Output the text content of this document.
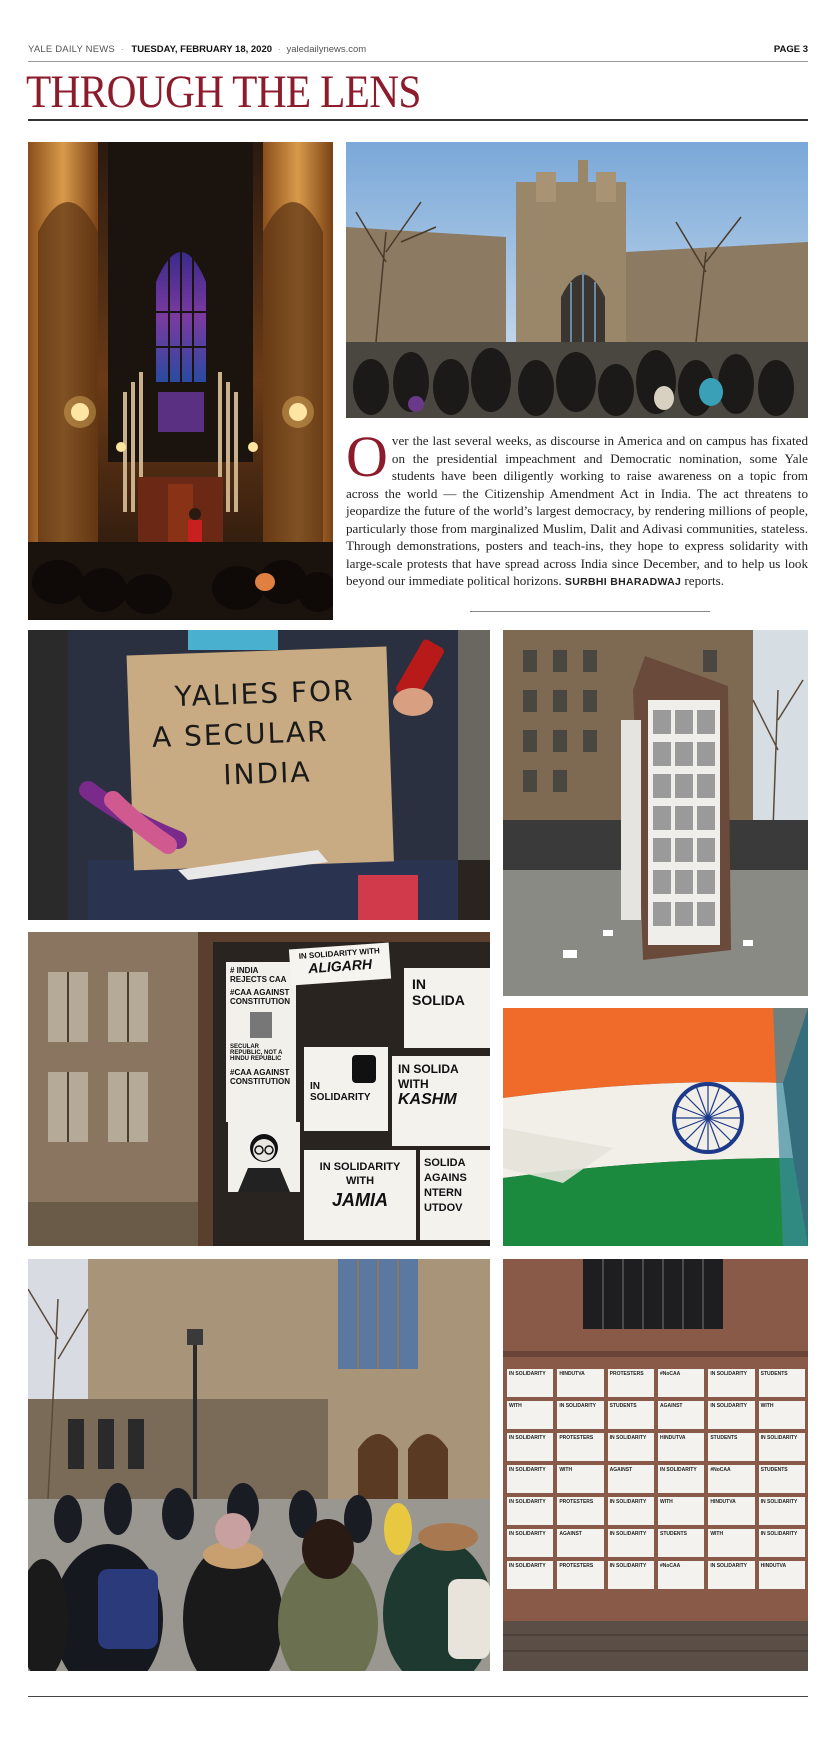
YALE DAILY NEWS · TUESDAY, FEBRUARY 18, 2020 · yaledailynews.com	PAGE 3
THROUGH THE LENS
Over the last several weeks, as discourse in America and on campus has fixated on the presidential impeachment and Democratic nomination, some Yale students have been diligently working to raise awareness on a topic from across the world — the Citizenship Amendment Act in India. The act threatens to jeopardize the future of the world’s largest democracy, by rendering millions of people, particularly those from marginalized Muslim, Dalit and Adivasi communities, stateless. Through demonstrations, posters and teach-ins, they hope to express solidarity with large-scale protests that have spread across India since December, and to help us look beyond our immediate political horizons. SURBHI BHARADWAJ reports.
YALIES FOR
A SECULAR
INDIA
# INDIA REJECTS CAA
#CAA AGAINST CONSTITUTION
SECULAR REPUBLIC, NOT A HINDU REPUBLIC
#CAA AGAINST CONSTITUTION
IN SOLIDARITY WITH
ALIGARH
IN
SOLIDA
IN
SOLIDARITY
IN SOLIDA
WITH
KASHM
IN SOLIDARITY
WITH
JAMIA
SOLIDA
AGAINS
NTERN
UTDOV
IN SOLIDARITY	HINDUTVA	PROTESTERS	#NoCAA	IN SOLIDARITY	STUDENTS
WITH	IN SOLIDARITY	STUDENTS	AGAINST	IN SOLIDARITY	WITH
IN SOLIDARITY	PROTESTERS	IN SOLIDARITY	HINDUTVA	STUDENTS	IN SOLIDARITY
IN SOLIDARITY	WITH	AGAINST	IN SOLIDARITY	#NoCAA	STUDENTS
IN SOLIDARITY	PROTESTERS	IN SOLIDARITY	WITH	HINDUTVA	IN SOLIDARITY
IN SOLIDARITY	AGAINST	IN SOLIDARITY	STUDENTS	WITH	IN SOLIDARITY
IN SOLIDARITY	PROTESTERS	IN SOLIDARITY	#NoCAA	IN SOLIDARITY	HINDUTVA
